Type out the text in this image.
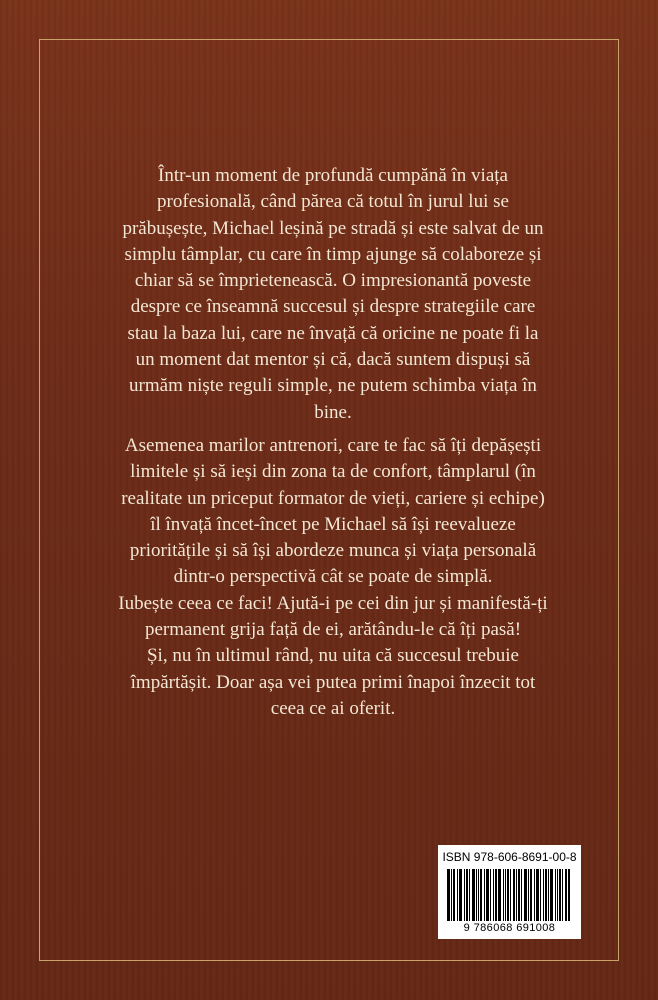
Într-un moment de profundă cumpănă în viața
profesională, când părea că totul în jurul lui se
prăbușește, Michael leșină pe stradă și este salvat de un
simplu tâmplar, cu care în timp ajunge să colaboreze și
chiar să se împrietenească. O impresionantă poveste
despre ce înseamnă succesul și despre strategiile care
stau la baza lui, care ne învață că oricine ne poate fi la
un moment dat mentor și că, dacă suntem dispuși să
urmăm niște reguli simple, ne putem schimba viața în
bine.

Asemenea marilor antrenori, care te fac să îți depășești
limitele și să ieși din zona ta de confort, tâmplarul (în
realitate un priceput formator de vieți, cariere și echipe)
îl învață încet-încet pe Michael să își reevalueze
prioritățile și să își abordeze munca și viața personală
dintr-o perspectivă cât se poate de simplă.
Iubește ceea ce faci! Ajută-i pe cei din jur și manifestă-ți
permanent grija față de ei, arătându-le că îți pasă!
Și, nu în ultimul rând, nu uita că succesul trebuie
împărtășit. Doar așa vei putea primi înapoi înzecit tot
ceea ce ai oferit.

ISBN 978-606-8691-00-8
9 786068 691008
